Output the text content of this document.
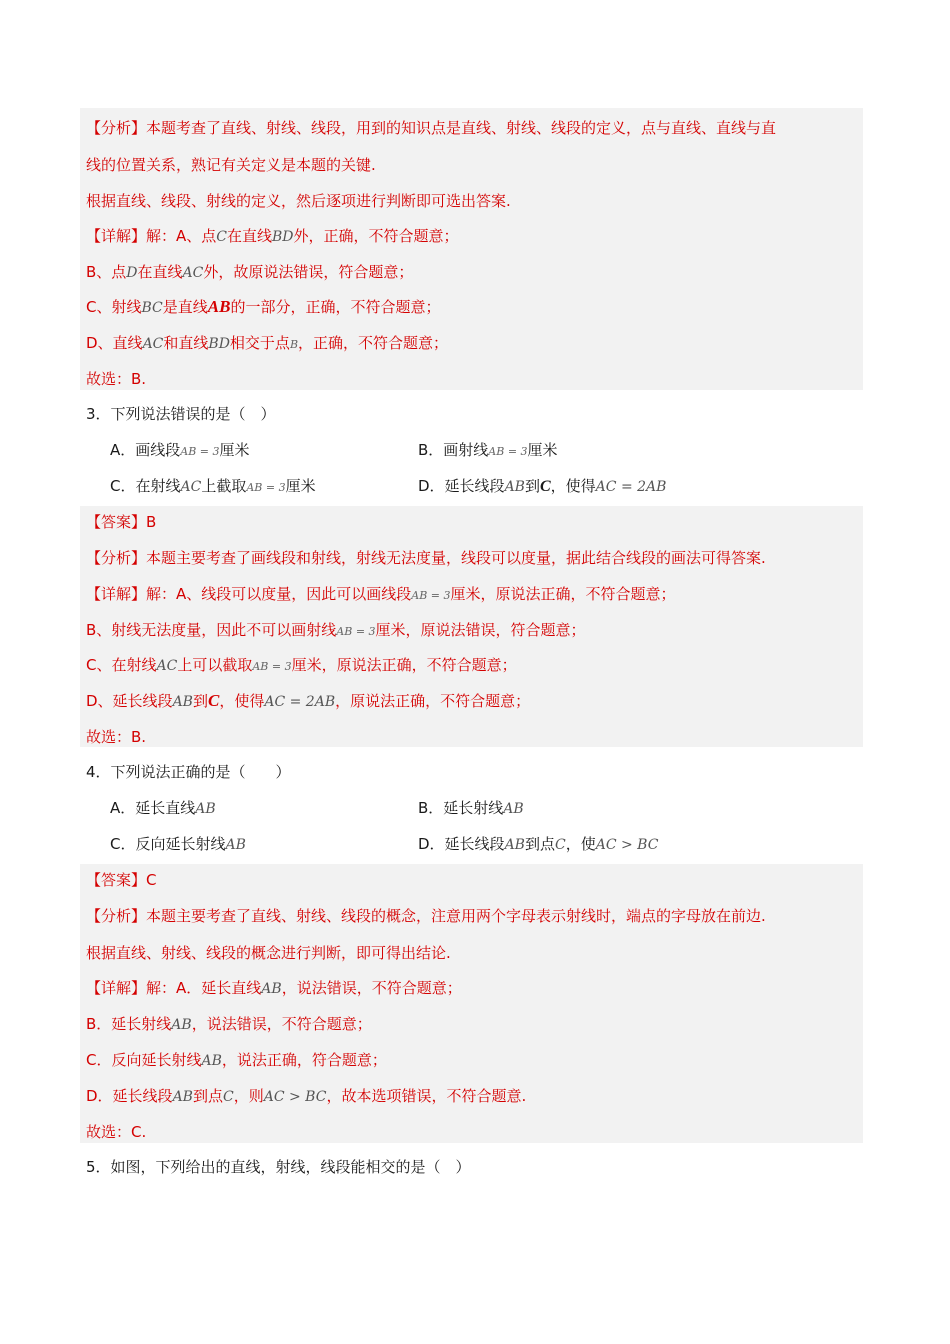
【分析】本题考查了直线、射线、线段，用到的知识点是直线、射线、线段的定义，点与直线、直线与直
线的位置关系，熟记有关定义是本题的关键.
根据直线、线段、射线的定义，然后逐项进行判断即可选出答案.
【详解】解：A、点C在直线BD外，正确，不符合题意；
B、点D在直线AC外，故原说法错误，符合题意；
C、射线BC是直线AB的一部分，正确，不符合题意；
D、直线AC和直线BD相交于点B，正确，不符合题意；
故选：B.
3．下列说法错误的是（　）
A．画线段AB = 3厘米	B．画射线AB = 3厘米
C．在射线AC上截取AB = 3厘米	D．延长线段AB到C，使得AC = 2AB
【答案】B
【分析】本题主要考查了画线段和射线，射线无法度量，线段可以度量，据此结合线段的画法可得答案.
【详解】解：A、线段可以度量，因此可以画线段AB = 3厘米，原说法正确，不符合题意；
B、射线无法度量，因此不可以画射线AB = 3厘米，原说法错误，符合题意；
C、在射线AC上可以截取AB = 3厘米，原说法正确，不符合题意；
D、延长线段AB到C，使得AC = 2AB，原说法正确，不符合题意；
故选：B.
4．下列说法正确的是（　　）
A．延长直线AB	B．延长射线AB
C．反向延长射线AB	D．延长线段AB到点C，使AC > BC
【答案】C
【分析】本题主要考查了直线、射线、线段的概念，注意用两个字母表示射线时，端点的字母放在前边.
根据直线、射线、线段的概念进行判断，即可得出结论.
【详解】解：A．延长直线AB，说法错误，不符合题意；
B．延长射线AB，说法错误，不符合题意；
C．反向延长射线AB，说法正确，符合题意；
D．延长线段AB到点C，则AC > BC，故本选项错误，不符合题意.
故选：C.
5．如图，下列给出的直线，射线，线段能相交的是（　）
